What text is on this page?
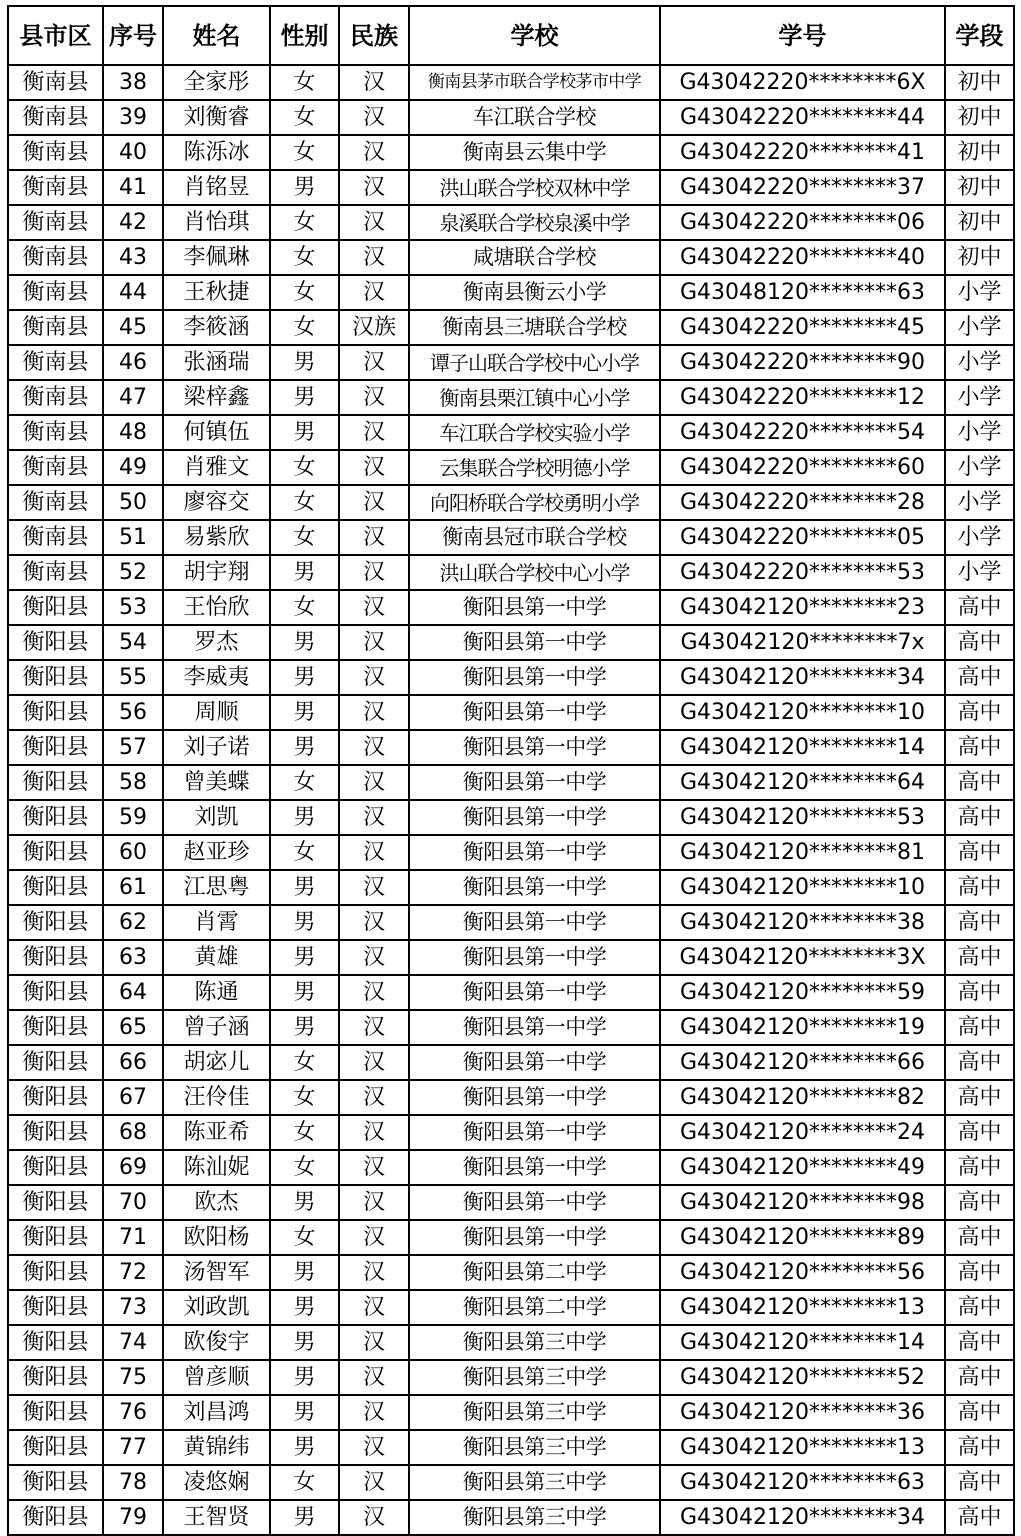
县市区	序号	姓名	性别	民族	学校	学号	学段
衡南县	38	全家彤	女	汉	衡南县茅市联合学校茅市中学	G43042220********6X	初中
衡南县	39	刘衡睿	女	汉	车江联合学校	G43042220********44	初中
衡南县	40	陈泺冰	女	汉	衡南县云集中学	G43042220********41	初中
衡南县	41	肖铭昱	男	汉	洪山联合学校双林中学	G43042220********37	初中
衡南县	42	肖怡琪	女	汉	泉溪联合学校泉溪中学	G43042220********06	初中
衡南县	43	李佩琳	女	汉	咸塘联合学校	G43042220********40	初中
衡南县	44	王秋捷	女	汉	衡南县衡云小学	G43048120********63	小学
衡南县	45	李筱涵	女	汉族	衡南县三塘联合学校	G43042220********45	小学
衡南县	46	张涵瑞	男	汉	谭子山联合学校中心小学	G43042220********90	小学
衡南县	47	梁梓鑫	男	汉	衡南县栗江镇中心小学	G43042220********12	小学
衡南县	48	何镇伍	男	汉	车江联合学校实验小学	G43042220********54	小学
衡南县	49	肖雅文	女	汉	云集联合学校明德小学	G43042220********60	小学
衡南县	50	廖容交	女	汉	向阳桥联合学校勇明小学	G43042220********28	小学
衡南县	51	易紫欣	女	汉	衡南县冠市联合学校	G43042220********05	小学
衡南县	52	胡宇翔	男	汉	洪山联合学校中心小学	G43042220********53	小学
衡阳县	53	王怡欣	女	汉	衡阳县第一中学	G43042120********23	高中
衡阳县	54	罗杰	男	汉	衡阳县第一中学	G43042120********7x	高中
衡阳县	55	李威夷	男	汉	衡阳县第一中学	G43042120********34	高中
衡阳县	56	周顺	男	汉	衡阳县第一中学	G43042120********10	高中
衡阳县	57	刘子诺	男	汉	衡阳县第一中学	G43042120********14	高中
衡阳县	58	曾美蝶	女	汉	衡阳县第一中学	G43042120********64	高中
衡阳县	59	刘凯	男	汉	衡阳县第一中学	G43042120********53	高中
衡阳县	60	赵亚珍	女	汉	衡阳县第一中学	G43042120********81	高中
衡阳县	61	江思粤	男	汉	衡阳县第一中学	G43042120********10	高中
衡阳县	62	肖霄	男	汉	衡阳县第一中学	G43042120********38	高中
衡阳县	63	黄雄	男	汉	衡阳县第一中学	G43042120********3X	高中
衡阳县	64	陈通	男	汉	衡阳县第一中学	G43042120********59	高中
衡阳县	65	曾子涵	男	汉	衡阳县第一中学	G43042120********19	高中
衡阳县	66	胡宓儿	女	汉	衡阳县第一中学	G43042120********66	高中
衡阳县	67	汪伶佳	女	汉	衡阳县第一中学	G43042120********82	高中
衡阳县	68	陈亚希	女	汉	衡阳县第一中学	G43042120********24	高中
衡阳县	69	陈汕妮	女	汉	衡阳县第一中学	G43042120********49	高中
衡阳县	70	欧杰	男	汉	衡阳县第一中学	G43042120********98	高中
衡阳县	71	欧阳杨	女	汉	衡阳县第一中学	G43042120********89	高中
衡阳县	72	汤智军	男	汉	衡阳县第二中学	G43042120********56	高中
衡阳县	73	刘政凯	男	汉	衡阳县第二中学	G43042120********13	高中
衡阳县	74	欧俊宇	男	汉	衡阳县第三中学	G43042120********14	高中
衡阳县	75	曾彦顺	男	汉	衡阳县第三中学	G43042120********52	高中
衡阳县	76	刘昌鸿	男	汉	衡阳县第三中学	G43042120********36	高中
衡阳县	77	黄锦纬	男	汉	衡阳县第三中学	G43042120********13	高中
衡阳县	78	凌悠娴	女	汉	衡阳县第三中学	G43042120********63	高中
衡阳县	79	王智贤	男	汉	衡阳县第三中学	G43042120********34	高中
